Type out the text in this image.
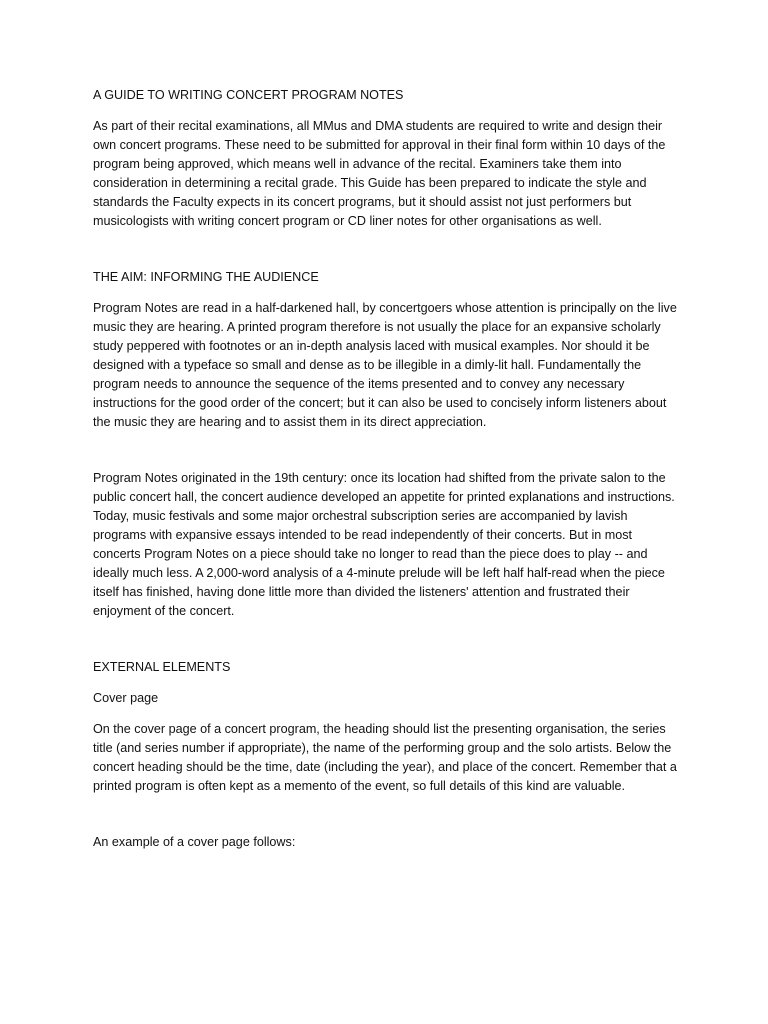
A GUIDE TO WRITING CONCERT PROGRAM NOTES

As part of their recital examinations, all MMus and DMA students are required to write and design their own concert programs. These need to be submitted for approval in their final form within 10 days of the program being approved, which means well in advance of the recital. Examiners take them into consideration in determining a recital grade. This Guide has been prepared to indicate the style and standards the Faculty expects in its concert programs, but it should assist not just performers but musicologists with writing concert program or CD liner notes for other organisations as well.

THE AIM: INFORMING THE AUDIENCE

Program Notes are read in a half-darkened hall, by concertgoers whose attention is principally on the live music they are hearing. A printed program therefore is not usually the place for an expansive scholarly study peppered with footnotes or an in-depth analysis laced with musical examples. Nor should it be designed with a typeface so small and dense as to be illegible in a dimly-lit hall. Fundamentally the program needs to announce the sequence of the items presented and to convey any necessary instructions for the good order of the concert; but it can also be used to concisely inform listeners about the music they are hearing and to assist them in its direct appreciation.

Program Notes originated in the 19th century: once its location had shifted from the private salon to the public concert hall, the concert audience developed an appetite for printed explanations and instructions. Today, music festivals and some major orchestral subscription series are accompanied by lavish programs with expansive essays intended to be read independently of their concerts. But in most concerts Program Notes on a piece should take no longer to read than the piece does to play -- and ideally much less. A 2,000-word analysis of a 4-minute prelude will be left half half-read when the piece itself has finished, having done little more than divided the listeners' attention and frustrated their enjoyment of the concert.

EXTERNAL ELEMENTS

Cover page

On the cover page of a concert program, the heading should list the presenting organisation, the series title (and series number if appropriate), the name of the performing group and the solo artists. Below the concert heading should be the time, date (including the year), and place of the concert. Remember that a printed program is often kept as a memento of the event, so full details of this kind are valuable.

An example of a cover page follows:
